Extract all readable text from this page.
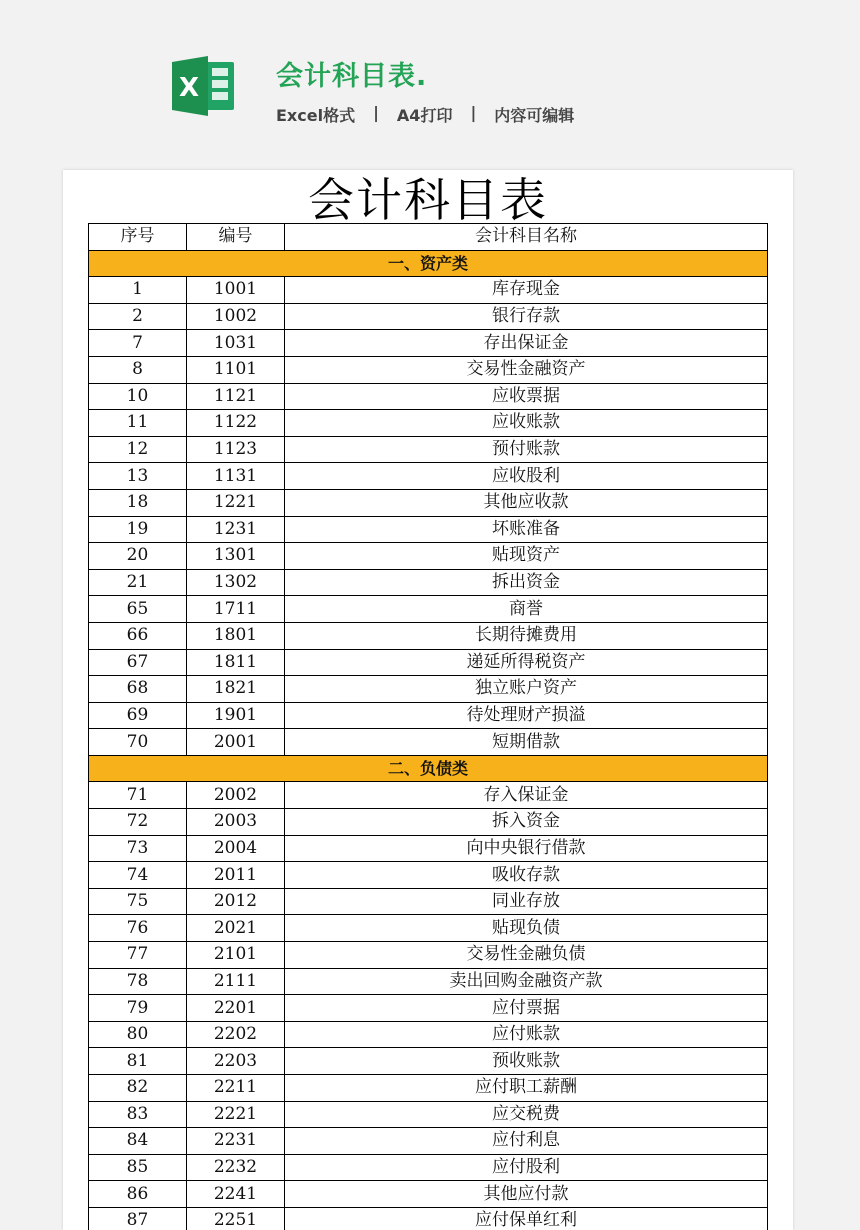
X	会计科目表.
Excel格式 | A4打印 | 内容可编辑
会计科目表
序号	编号	会计科目名称
一、资产类		
1	1001	库存现金
2	1002	银行存款
7	1031	存出保证金
8	1101	交易性金融资产
10	1121	应收票据
11	1122	应收账款
12	1123	预付账款
13	1131	应收股利
18	1221	其他应收款
19	1231	坏账准备
20	1301	贴现资产
21	1302	拆出资金
65	1711	商誉
66	1801	长期待摊费用
67	1811	递延所得税资产
68	1821	独立账户资产
69	1901	待处理财产损溢
70	2001	短期借款
二、负债类		
71	2002	存入保证金
72	2003	拆入资金
73	2004	向中央银行借款
74	2011	吸收存款
75	2012	同业存放
76	2021	贴现负债
77	2101	交易性金融负债
78	2111	卖出回购金融资产款
79	2201	应付票据
80	2202	应付账款
81	2203	预收账款
82	2211	应付职工薪酬
83	2221	应交税费
84	2231	应付利息
85	2232	应付股利
86	2241	其他应付款
87	2251	应付保单红利
